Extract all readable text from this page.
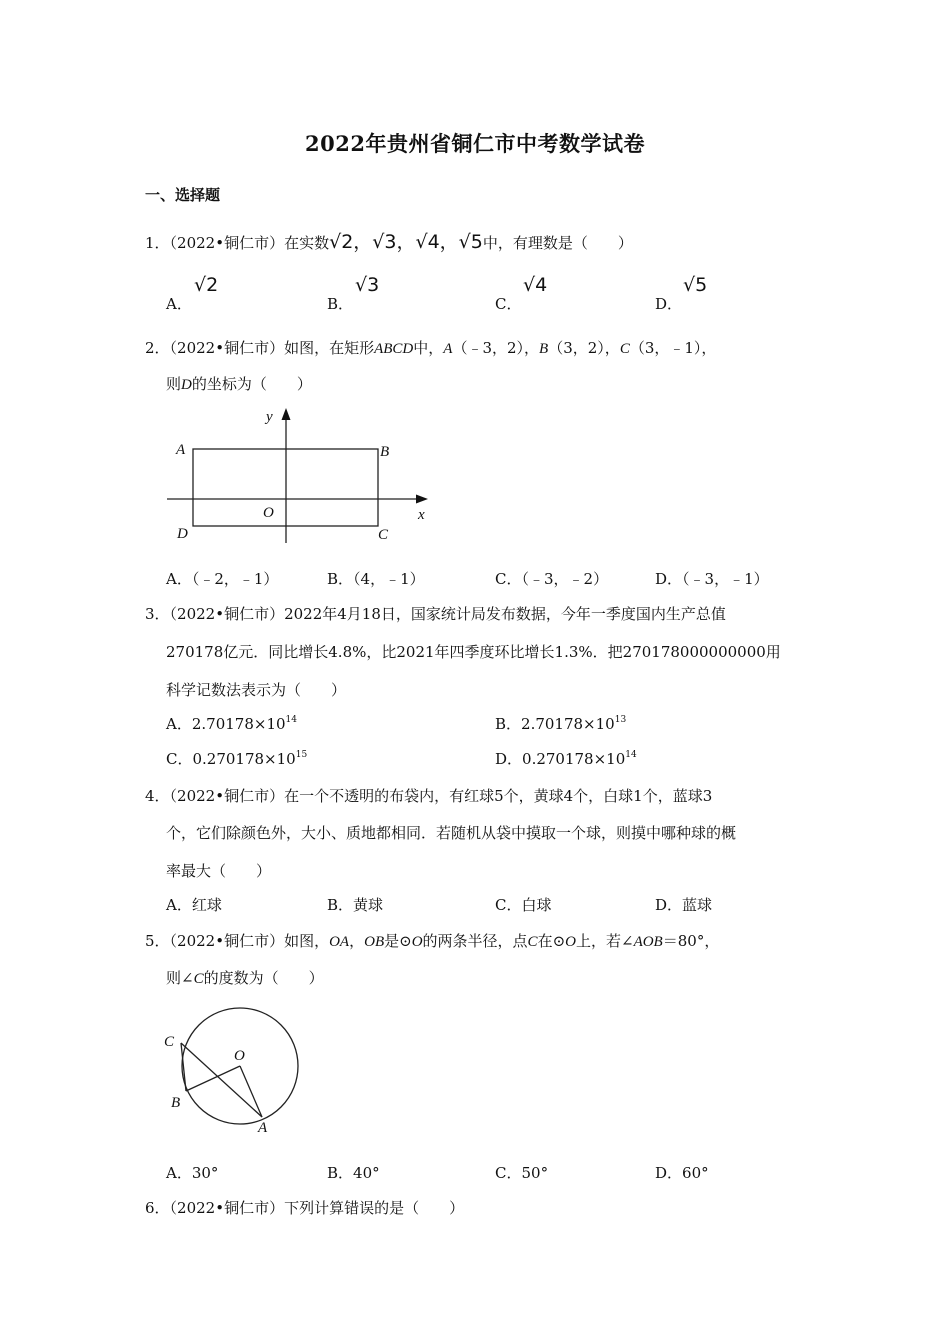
2022年贵州省铜仁市中考数学试卷
一、选择题
1．（2022•铜仁市）在实数√2，√3，√4，√5中，有理数是（　　）
A．
√2
B．
√3
C．
√4
D．
√5
2．（2022•铜仁市）如图，在矩形ABCD中，A（﹣3，2），B（3，2），C（3，﹣1），
则D的坐标为（　　）
y
A	B
O	x
D	C
A．（﹣2，﹣1）	B．（4，﹣1）	C．（﹣3，﹣2）	D．（﹣3，﹣1）
3．（2022•铜仁市）2022年4月18日，国家统计局发布数据，今年一季度国内生产总值
270178亿元．同比增长4.8%，比2021年四季度环比增长1.3%．把270178000000000用
科学记数法表示为（　　）
A．$2.70178\times 10^{14}$	B．$2.70178\times 10^{13}$
C．$0.270178\times 10^{15}$	D．$0.270178\times 10^{14}$
4．（2022•铜仁市）在一个不透明的布袋内，有红球5个，黄球4个，白球1个，蓝球3
个，它们除颜色外，大小、质地都相同．若随机从袋中摸取一个球，则摸中哪种球的概
率最大（　　）
A．红球	B．黄球	C．白球	D．蓝球
5．（2022•铜仁市）如图，OA，OB是⊙O的两条半径，点C在⊙O上，若∠AOB＝80°，
则∠C的度数为（　　）
C
O
B
A
A．30°	B．40°	C．50°	D．60°
6．（2022•铜仁市）下列计算错误的是（　　）
